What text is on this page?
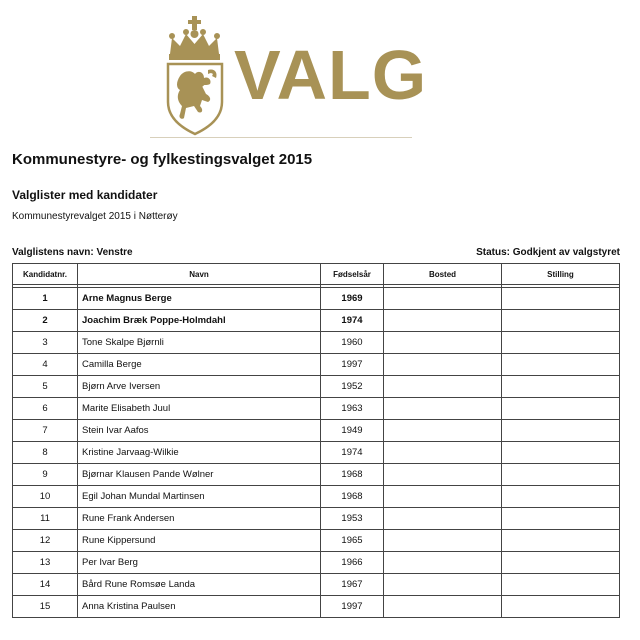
VALG
Kommunestyre- og fylkestingsvalget 2015
Valglister med kandidater
Kommunestyrevalget 2015 i Nøtterøy
Valglistens navn: Venstre	Status: Godkjent av valgstyret
Kandidatnr.	Navn	Fødselsår	Bosted	Stilling

1	Arne Magnus Berge	1969		
2	Joachim Bræk Poppe-Holmdahl	1974		
3	Tone Skalpe Bjørnli	1960		
4	Camilla Berge	1997		
5	Bjørn Arve Iversen	1952		
6	Marite Elisabeth Juul	1963		
7	Stein Ivar Aafos	1949		
8	Kristine Jarvaag-Wilkie	1974		
9	Bjørnar Klausen Pande Wølner	1968		
10	Egil Johan Mundal Martinsen	1968		
11	Rune Frank Andersen	1953		
12	Rune Kippersund	1965		
13	Per Ivar Berg	1966		
14	Bård Rune Romsøe Landa	1967		
15	Anna Kristina Paulsen	1997		
